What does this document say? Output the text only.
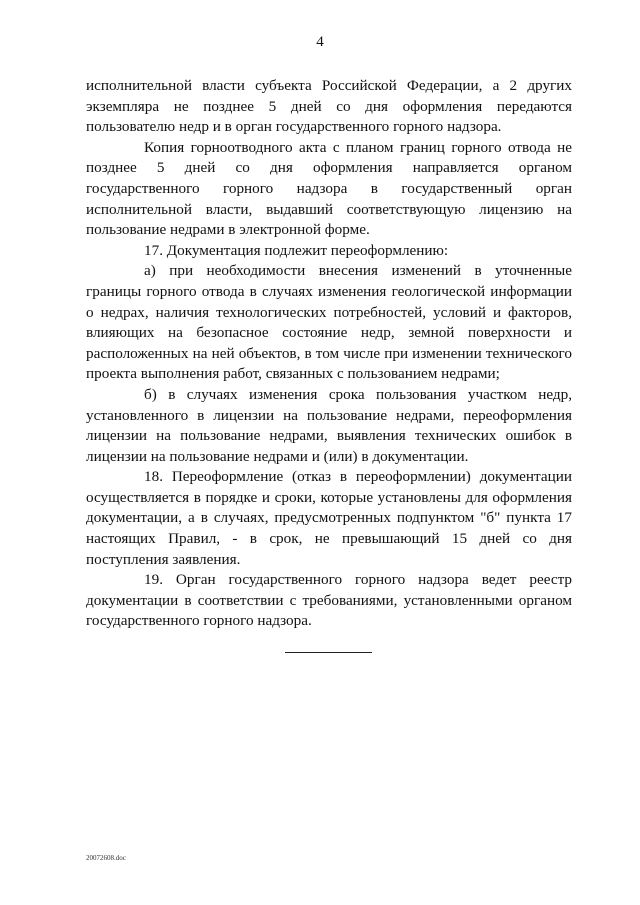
4

исполнительной власти субъекта Российской Федерации, а 2 других экземпляра не позднее 5 дней со дня оформления передаются пользователю недр и в орган государственного горного надзора.

Копия горноотводного акта с планом границ горного отвода не позднее 5 дней со дня оформления направляется органом государственного горного надзора в государственный орган исполнительной власти, выдавший соответствующую лицензию на пользование недрами в электронной форме.

17. Документация подлежит переоформлению:

а) при необходимости внесения изменений в уточненные границы горного отвода в случаях изменения геологической информации о недрах, наличия технологических потребностей, условий и факторов, влияющих на безопасное состояние недр, земной поверхности и расположенных на ней объектов, в том числе при изменении технического проекта выполнения работ, связанных с пользованием недрами;

б) в случаях изменения срока пользования участком недр, установленного в лицензии на пользование недрами, переоформления лицензии на пользование недрами, выявления технических ошибок в лицензии на пользование недрами и (или) в документации.

18. Переоформление (отказ в переоформлении) документации осуществляется в порядке и сроки, которые установлены для оформления документации, а в случаях, предусмотренных подпунктом "б" пункта 17 настоящих Правил, - в срок, не превышающий 15 дней со дня поступления заявления.

19. Орган государственного горного надзора ведет реестр документации в соответствии с требованиями, установленными органом государственного горного надзора.

20072608.doc
